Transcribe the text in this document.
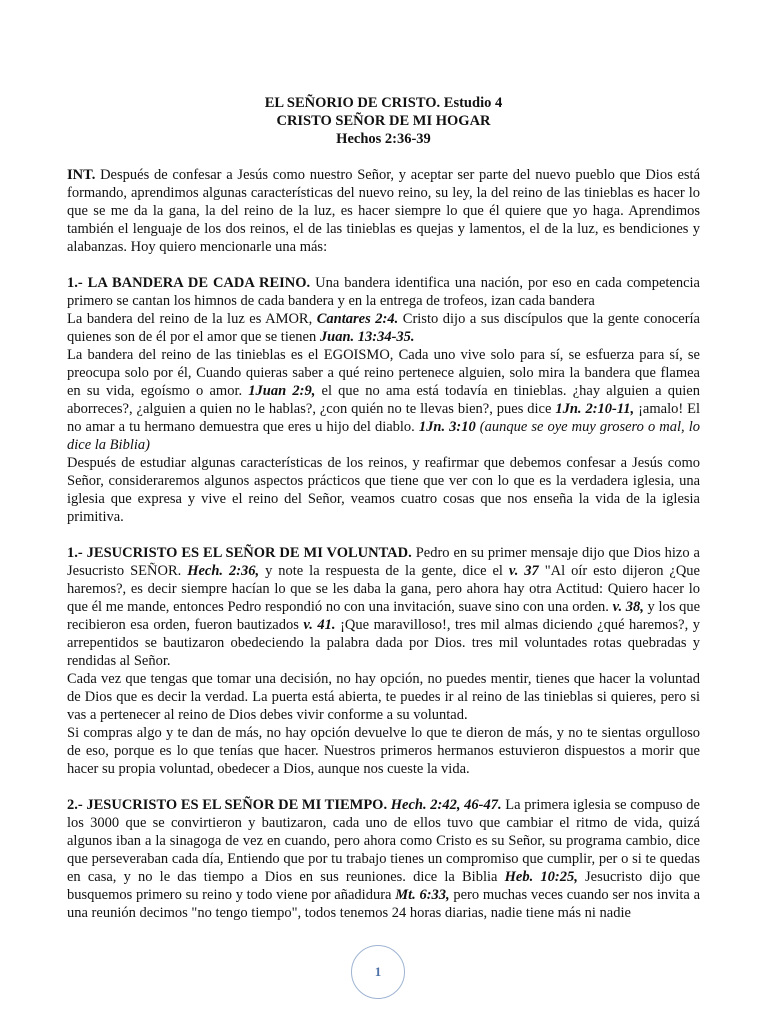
EL SEÑORIO DE CRISTO. Estudio 4
CRISTO SEÑOR DE MI HOGAR
Hechos 2:36-39

INT. Después de confesar a Jesús como nuestro Señor, y aceptar ser parte del nuevo pueblo que Dios está formando, aprendimos algunas características del nuevo reino, su ley, la del reino de las tinieblas es hacer lo que se me da la gana, la del reino de la luz, es hacer siempre lo que él quiere que yo haga. Aprendimos también el lenguaje de los dos reinos, el de las tinieblas es quejas y lamentos, el de la luz, es bendiciones y alabanzas. Hoy quiero mencionarle una más:

1.- LA BANDERA DE CADA REINO. Una bandera identifica una nación, por eso en cada competencia primero se cantan los himnos de cada bandera y en la entrega de trofeos, izan cada bandera

La bandera del reino de la luz es AMOR, Cantares 2:4. Cristo dijo a sus discípulos que la gente conocería quienes son de él por el amor que se tienen Juan. 13:34-35.

La bandera del reino de las tinieblas es el EGOISMO, Cada uno vive solo para sí, se esfuerza para sí, se preocupa solo por él, Cuando quieras saber a qué reino pertenece alguien, solo mira la bandera que flamea en su vida, egoísmo o amor. 1Juan 2:9, el que no ama está todavía en tinieblas. ¿hay alguien a quien aborreces?, ¿alguien a quien no le hablas?, ¿con quién no te llevas bien?, pues dice 1Jn. 2:10-11, ¡amalo! El no amar a tu hermano demuestra que eres u hijo del diablo. 1Jn. 3:10 (aunque se oye muy grosero o mal, lo dice la Biblia)

Después de estudiar algunas características de los reinos, y reafirmar que debemos confesar a Jesús como Señor, consideraremos algunos aspectos prácticos que tiene que ver con lo que es la verdadera iglesia, una iglesia que expresa y vive el reino del Señor, veamos cuatro cosas que nos enseña la vida de la iglesia primitiva.

1.- JESUCRISTO ES EL SEÑOR DE MI VOLUNTAD. Pedro en su primer mensaje dijo que Dios hizo a Jesucristo SEÑOR. Hech. 2:36, y note la respuesta de la gente, dice el v. 37 "Al oír esto dijeron ¿Que haremos?, es decir siempre hacían lo que se les daba la gana, pero ahora hay otra Actitud: Quiero hacer lo que él me mande, entonces Pedro respondió no con una invitación, suave sino con una orden. v. 38, y los que recibieron esa orden, fueron bautizados v. 41. ¡Que maravilloso!, tres mil almas diciendo ¿qué haremos?, y arrepentidos se bautizaron obedeciendo la palabra dada por Dios. tres mil voluntades rotas quebradas y rendidas al Señor.

Cada vez que tengas que tomar una decisión, no hay opción, no puedes mentir, tienes que hacer la voluntad de Dios que es decir la verdad. La puerta está abierta, te puedes ir al reino de las tinieblas si quieres, pero si vas a pertenecer al reino de Dios debes vivir conforme a su voluntad.

Si compras algo y te dan de más, no hay opción devuelve lo que te dieron de más, y no te sientas orgulloso de eso, porque es lo que tenías que hacer. Nuestros primeros hermanos estuvieron dispuestos a morir que hacer su propia voluntad, obedecer a Dios, aunque nos cueste la vida.

2.- JESUCRISTO ES EL SEÑOR DE MI TIEMPO. Hech. 2:42, 46-47. La primera iglesia se compuso de los 3000 que se convirtieron y bautizaron, cada uno de ellos tuvo que cambiar el ritmo de vida, quizá algunos iban a la sinagoga de vez en cuando, pero ahora como Cristo es su Señor, su programa cambio, dice que perseveraban cada día, Entiendo que por tu trabajo tienes un compromiso que cumplir, per o si te quedas en casa, y no le das tiempo a Dios en sus reuniones. dice la Biblia Heb. 10:25, Jesucristo dijo que busquemos primero su reino y todo viene por añadidura Mt. 6:33, pero muchas veces cuando ser nos invita a una reunión decimos "no tengo tiempo", todos tenemos 24 horas diarias, nadie tiene más ni nadie

1
